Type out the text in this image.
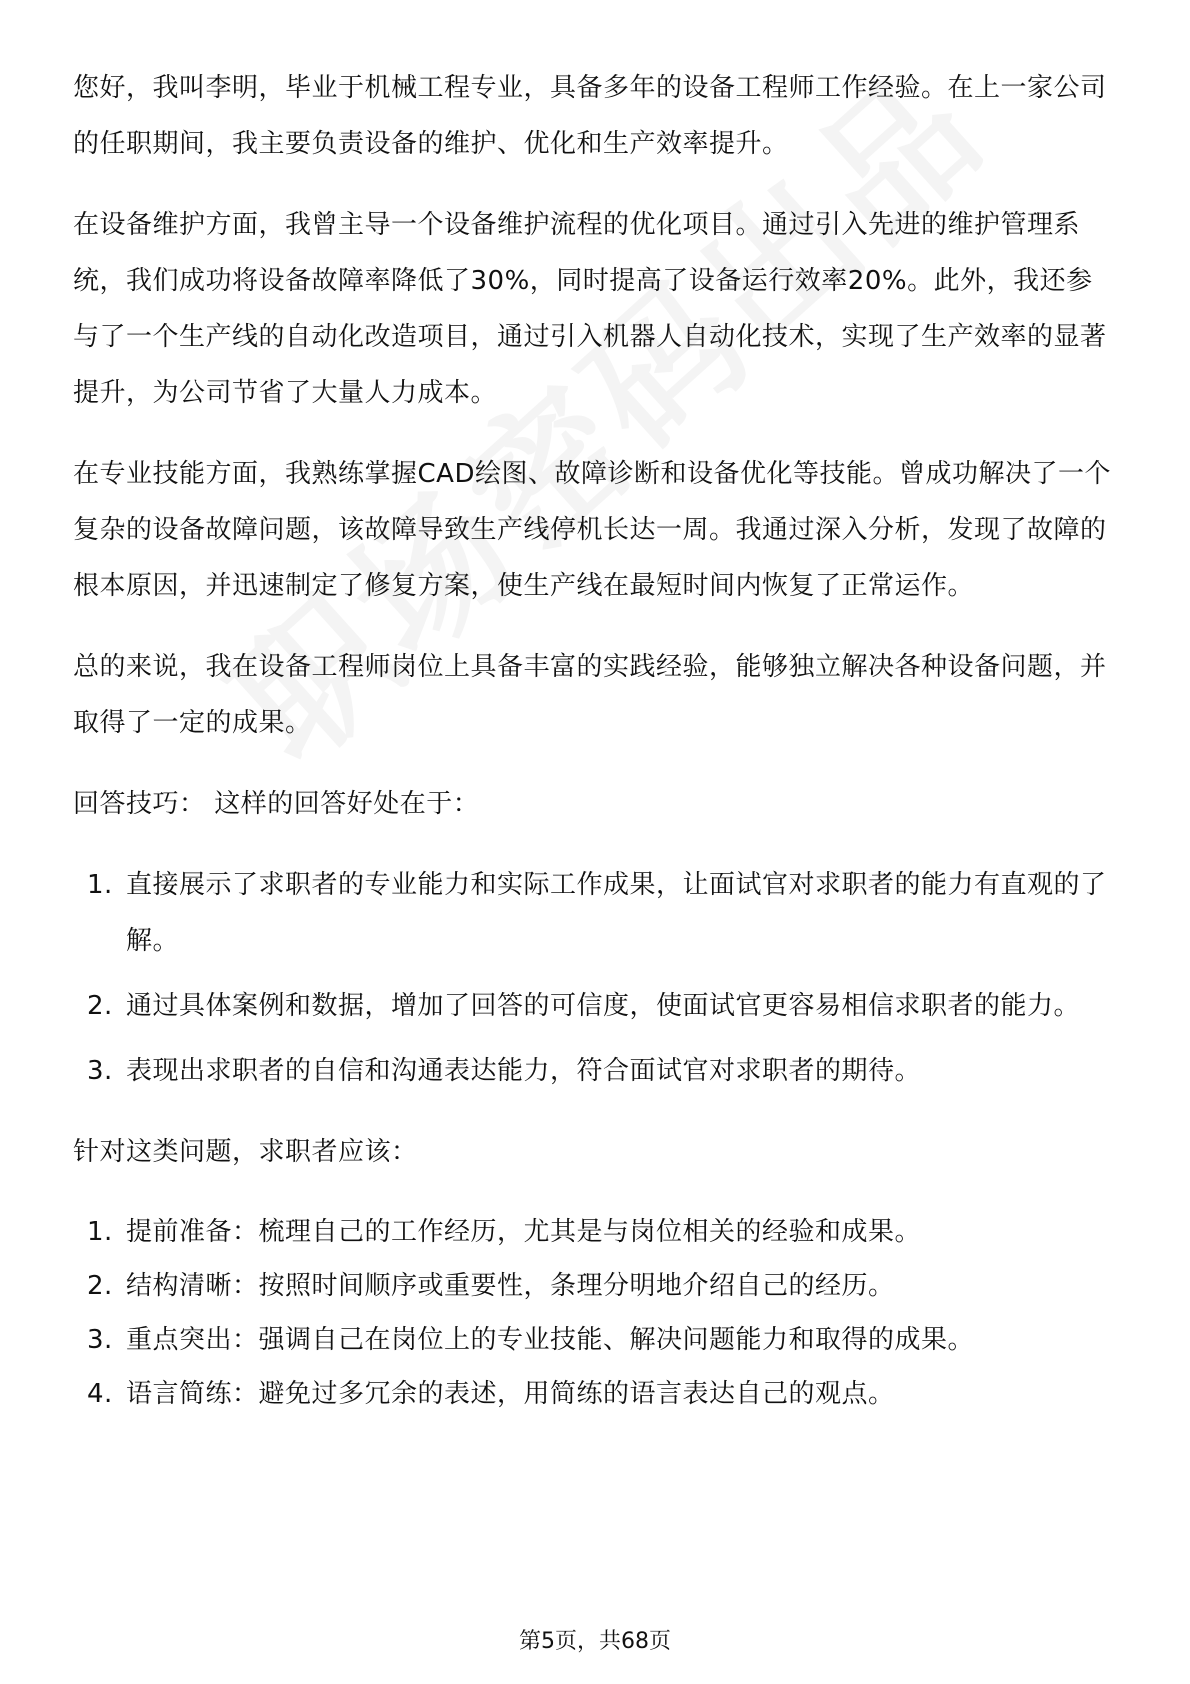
您好，我叫李明，毕业于机械工程专业，具备多年的设备工程师工作经验。在上一家公司的任职期间，我主要负责设备的维护、优化和生产效率提升。

在设备维护方面，我曾主导一个设备维护流程的优化项目。通过引入先进的维护管理系统，我们成功将设备故障率降低了30%，同时提高了设备运行效率20%。此外，我还参与了一个生产线的自动化改造项目，通过引入机器人自动化技术，实现了生产效率的显著提升，为公司节省了大量人力成本。

在专业技能方面，我熟练掌握CAD绘图、故障诊断和设备优化等技能。曾成功解决了一个复杂的设备故障问题，该故障导致生产线停机长达一周。我通过深入分析，发现了故障的根本原因，并迅速制定了修复方案，使生产线在最短时间内恢复了正常运作。

总的来说，我在设备工程师岗位上具备丰富的实践经验，能够独立解决各种设备问题，并取得了一定的成果。

回答技巧： 这样的回答好处在于：

1. 直接展示了求职者的专业能力和实际工作成果，让面试官对求职者的能力有直观的了解。
2. 通过具体案例和数据，增加了回答的可信度，使面试官更容易相信求职者的能力。
3. 表现出求职者的自信和沟通表达能力，符合面试官对求职者的期待。

针对这类问题，求职者应该：

1. 提前准备：梳理自己的工作经历，尤其是与岗位相关的经验和成果。
2. 结构清晰：按照时间顺序或重要性，条理分明地介绍自己的经历。
3. 重点突出：强调自己在岗位上的专业技能、解决问题能力和取得的成果。
4. 语言简练：避免过多冗余的表述，用简练的语言表达自己的观点。
第5页，共68页
